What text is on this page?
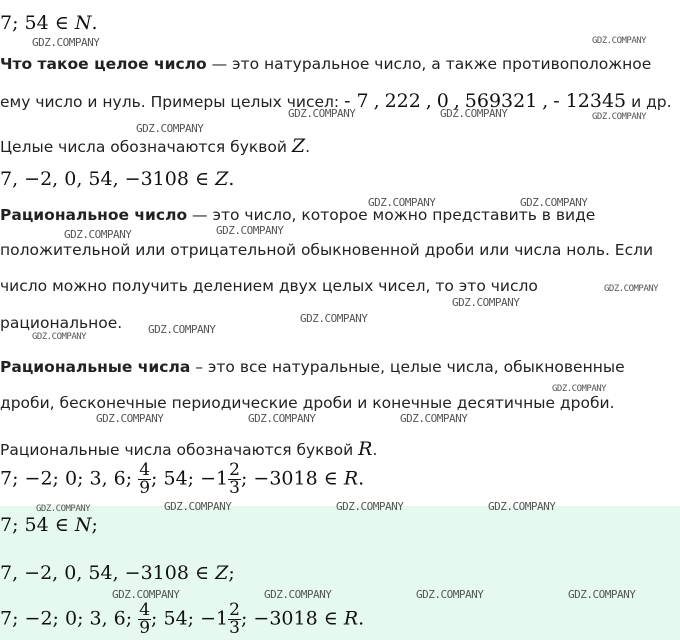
7; 54 ∈ N.
Что такое целое число — это натуральное число, а также противоположное
ему число и нуль. Примеры целых чисел: - 7 , 222 , 0 , 569321 , - 12345 и др.
Целые числа обозначаются буквой Z.
7, −2, 0, 54, −3108 ∈ Z.
Рациональное число — это число, которое можно представить в виде
положительной или отрицательной обыкновенной дроби или числа ноль. Если
число можно получить делением двух целых чисел, то это число
рациональное.
Рациональные числа – это все натуральные, целые числа, обыкновенные
дроби, бесконечные периодические дроби и конечные десятичные дроби.
Рациональные числа обозначаются буквой R.
7; −2; 0; 3, 6; $\frac{4}{9}$ ; 54; $-1 \frac{2}{3}$ ; −3018 ∈ R.
7; 54 ∈ N;
7, −2, 0, 54, −3108 ∈ Z;
7; −2; 0; 3, 6; $\frac{4}{9}$ ; 54; $-1 \frac{2}{3}$ ; −3018 ∈ R.
GDZ.COMPANY	GDZ.COMPANY
GDZ.COMPANY	GDZ.COMPANY	GDZ.COMPANY
GDZ.COMPANY
GDZ.COMPANY	GDZ.COMPANY
GDZ.COMPANY	GDZ.COMPANY
GDZ.COMPANY
GDZ.COMPANY
GDZ.COMPANY
GDZ.COMPANY
GDZ.COMPANY
GDZ.COMPANY
GDZ.COMPANY	GDZ.COMPANY	GDZ.COMPANY
GDZ.COMPANY	GDZ.COMPANY	GDZ.COMPANY	GDZ.COMPANY
GDZ.COMPANY	GDZ.COMPANY	GDZ.COMPANY	GDZ.COMPANY
